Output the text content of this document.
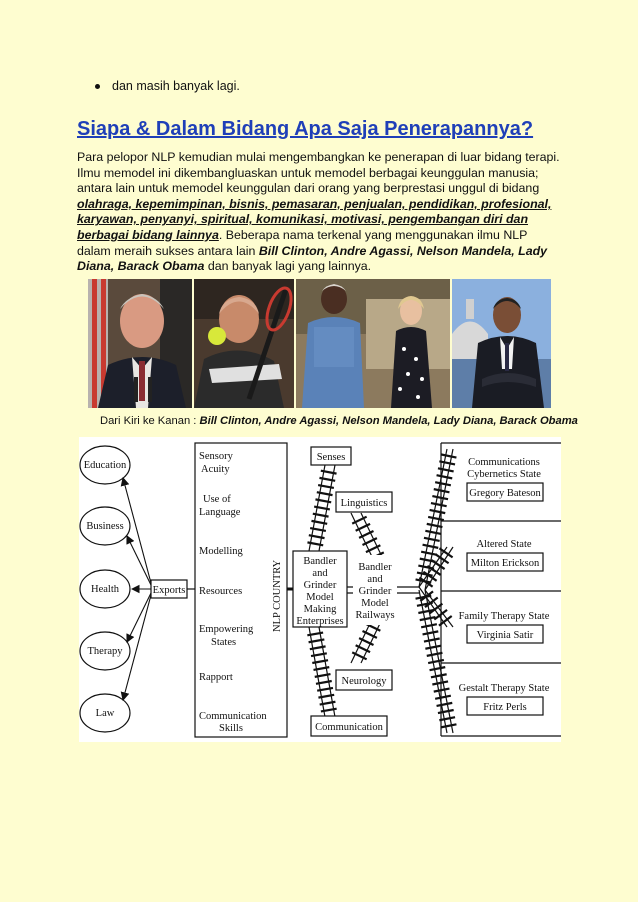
dan masih banyak lagi.
Siapa & Dalam Bidang Apa Saja Penerapannya?
Para pelopor NLP kemudian mulai mengembangkan ke penerapan di luar bidang terapi. Ilmu memodel ini dikembangluaskan untuk memodel berbagai keunggulan manusia; antara lain untuk memodel keunggulan dari orang yang berprestasi unggul di bidang olahraga, kepemimpinan, bisnis, pemasaran, penjualan, pendidikan, profesional, karyawan, penyanyi, spiritual, komunikasi, motivasi, pengembangan diri dan berbagai bidang lainnya. Beberapa nama terkenal yang menggunakan ilmu NLP dalam meraih sukses antara lain Bill Clinton, Andre Agassi, Nelson Mandela, Lady Diana, Barack Obama dan banyak lagi yang lainnya.
Dari Kiri ke Kanan : Bill Clinton, Andre Agassi, Nelson Mandela, Lady Diana, Barack Obama
Education
Business
Health
Therapy
Law
Exports
Sensory
Acuity
Use of
Language
Modelling
Resources
Empowering
States
Rapport
Communication
Skills
NLP COUNTRY
Senses
Linguistics
Neurology
Communication
Bandler
and
Grinder
Model
Making
Enterprises
Bandler
and
Grinder
Model
Railways
Communications
Cybernetics State
Gregory Bateson
Altered State
Milton Erickson
Family Therapy State
Virginia Satir
Gestalt Therapy State
Fritz Perls
